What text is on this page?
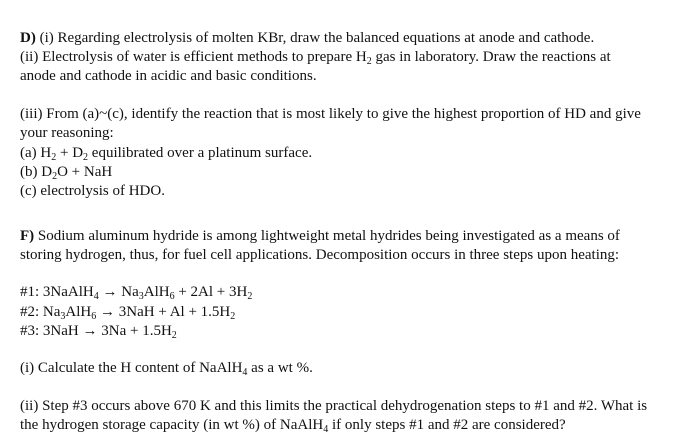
D) (i) Regarding electrolysis of molten KBr, draw the balanced equations at anode and cathode.

(ii) Electrolysis of water is efficient methods to prepare $H_2$ gas in laboratory. Draw the reactions at

anode and cathode in acidic and basic conditions.

(iii) From (a)~(c), identify the reaction that is most likely to give the highest proportion of HD and give

your reasoning:

(a) $H_2 + D_2$ equilibrated over a platinum surface.

(b) $D_2O$ + NaH

(c) electrolysis of HDO.

F) Sodium aluminum hydride is among lightweight metal hydrides being investigated as a means of

storing hydrogen, thus, for fuel cell applications. Decomposition occurs in three steps upon heating:

#1: 3NaAlH$_4$ → $Na_3AlH_6 + 2Al + 3H_2$

#2: $Na_3AlH_6 \to 3NaH + Al + 1.5H_2$

#3: $3NaH \to 3Na + 1.5H_2$

(i) Calculate the H content of NaAlH$_4$ as a wt %.

(ii) Step #3 occurs above 670 K and this limits the practical dehydrogenation steps to #1 and #2. What is

the hydrogen storage capacity (in wt %) of NaAlH$_4$ if only steps #1 and #2 are considered?
